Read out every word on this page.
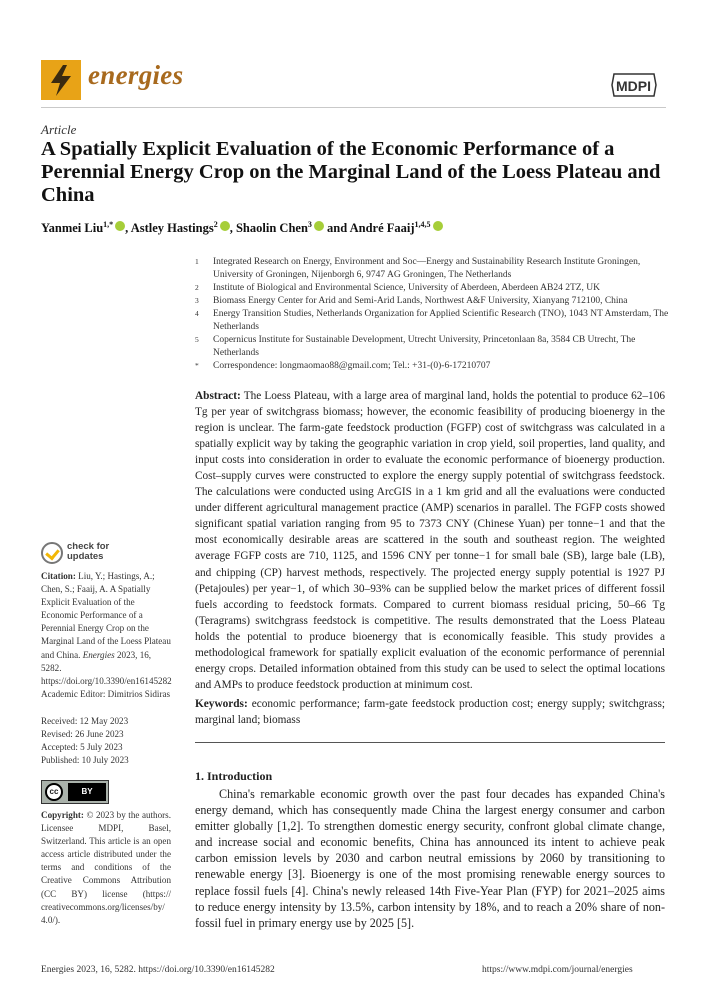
energies	MDPI
Article
A Spatially Explicit Evaluation of the Economic Performance of a Perennial Energy Crop on the Marginal Land of the Loess Plateau and China
Yanmei Liu$^{1,*}$ , Astley Hastings$^2$ , Shaolin Chen$^3$ and André Faaij$^{1,4,5}$
1 Integrated Research on Energy, Environment and Soc—Energy and Sustainability Research Institute Groningen, University of Groningen, Nijenborgh 6, 9747 AG Groningen, The Netherlands
2 Institute of Biological and Environmental Science, University of Aberdeen, Aberdeen AB24 2TZ, UK
3 Biomass Energy Center for Arid and Semi-Arid Lands, Northwest A&F University, Xianyang 712100, China
4 Energy Transition Studies, Netherlands Organization for Applied Scientific Research (TNO), 1043 NT Amsterdam, The Netherlands
5 Copernicus Institute for Sustainable Development, Utrecht University, Princetonlaan 8a, 3584 CB Utrecht, The Netherlands
* Correspondence: longmaomao88@gmail.com; Tel.: +31-(0)-6-17210707
Abstract: The Loess Plateau, with a large area of marginal land, holds the potential to produce 62–106 Tg per year of switchgrass biomass; however, the economic feasibility of producing bioenergy in the region is unclear. The farm-gate feedstock production (FGFP) cost of switchgrass was calculated in a spatially explicit way by taking the geographic variation in crop yield, soil properties, land quality, and input costs into consideration in order to evaluate the economic performance of bioenergy production. Cost–supply curves were constructed to explore the energy supply potential of switchgrass feedstock. The calculations were conducted using ArcGIS in a 1 km grid and all the evaluations were conducted under different agricultural management practice (AMP) scenarios in parallel. The FGFP costs showed significant spatial variation ranging from 95 to 7373 CNY (Chinese Yuan) per tonne−1 and that the most economically desirable areas are scattered in the south and southeast region. The weighted average FGFP costs are 710, 1125, and 1596 CNY per tonne−1 for small bale (SB), large bale (LB), and chipping (CP) harvest methods, respectively. The projected energy supply potential is 1927 PJ (Petajoules) per year−1, of which 30–93% can be supplied below the market prices of different fossil fuels according to feedstock formats. Compared to current biomass residual pricing, 50–66 Tg (Teragrams) switchgrass feedstock is competitive. The results demonstrated that the Loess Plateau holds the potential to produce bioenergy that is economically feasible. This study provides a methodological framework for spatially explicit evaluation of the economic performance of perennial energy crops. Detailed information obtained from this study can be used to select the optimal locations and AMPs to produce feedstock production at minimum cost.
Keywords: economic performance; farm-gate feedstock production cost; energy supply; switchgrass; marginal land; biomass
1. Introduction
China's remarkable economic growth over the past four decades has expanded China's energy demand, which has consequently made China the largest energy consumer and carbon emitter globally [1,2]. To strengthen domestic energy security, confront global climate change, and increase social and economic benefits, China has announced its intent to achieve peak carbon emission levels by 2030 and carbon neutral emissions by 2060 by transitioning to renewable energy [3]. Bioenergy is one of the most promising renewable energy sources to replace fossil fuels [4]. China's newly released 14th Five-Year Plan (FYP) for 2021–2025 aims to reduce energy intensity by 13.5%, carbon intensity by 18%, and to reach a 20% share of non-fossil fuel in primary energy use by 2025 [5].
check for
updates
Citation: Liu, Y.; Hastings, A.; Chen, S.; Faaij, A. A Spatially Explicit Evaluation of the Economic Performance of a Perennial Energy Crop on the Marginal Land of the Loess Plateau and China. Energies 2023, 16, 5282. https://doi.org/10.3390/en16145282
Academic Editor: Dimitrios Sidiras
Received: 12 May 2023
Revised: 26 June 2023
Accepted: 5 July 2023
Published: 10 July 2023
cc	BY
Copyright: © 2023 by the authors. Licensee MDPI, Basel, Switzerland. This article is an open access article distributed under the terms and conditions of the Creative Commons Attribution (CC BY) license (https:// creativecommons.org/licenses/by/ 4.0/).
Energies 2023, 16, 5282. https://doi.org/10.3390/en16145282	https://www.mdpi.com/journal/energies
